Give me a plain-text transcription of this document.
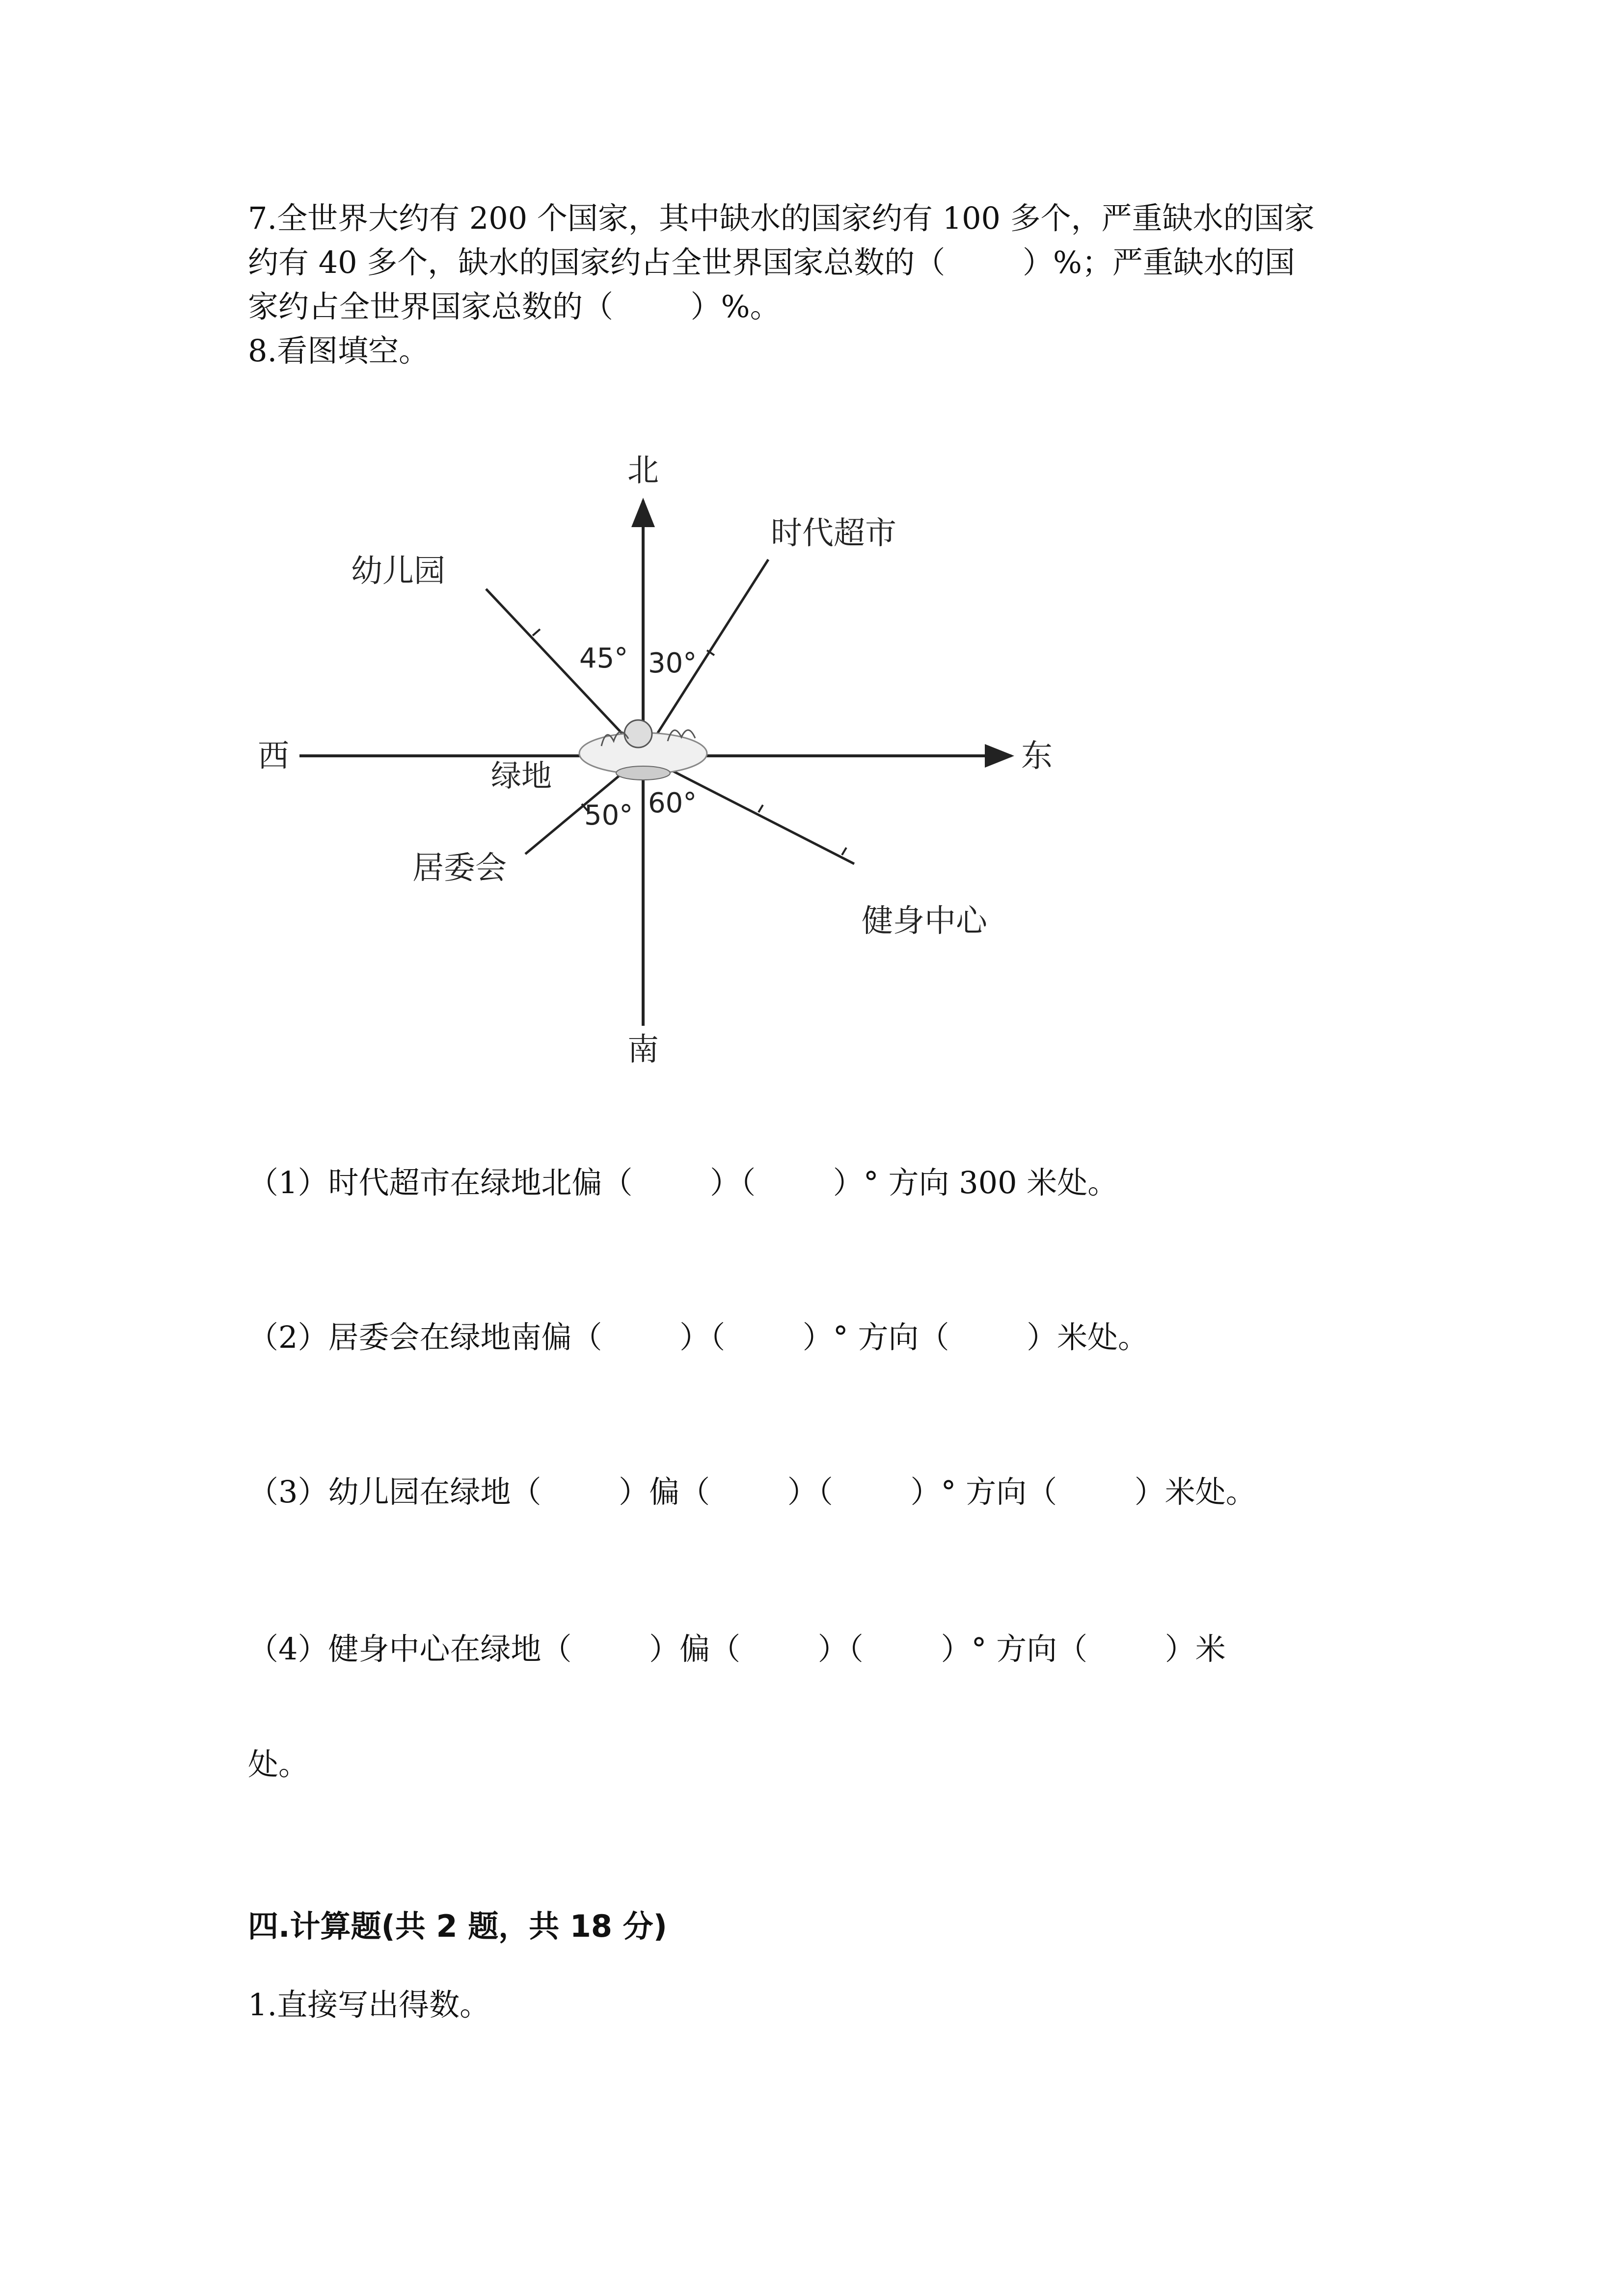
7.全世界大约有 200 个国家，其中缺水的国家约有 100 多个，严重缺水的国家
约有 40 多个，缺水的国家约占全世界国家总数的（        ）%；严重缺水的国
家约占全世界国家总数的（        ）%。
8.看图填空。
北
南
东
西
绿地
时代超市
幼儿园
居委会
健身中心
30°
45°
50° 60°
（1）时代超市在绿地北偏（        ）（        ）° 方向 300 米处。
（2）居委会在绿地南偏（        ）（        ）° 方向（        ）米处。
（3）幼儿园在绿地（        ）偏（        ）（        ）° 方向（        ）米处。
（4）健身中心在绿地（        ）偏（        ）（        ）° 方向（        ）米
处。
四.计算题(共 2 题，共 18 分)
1.直接写出得数。
